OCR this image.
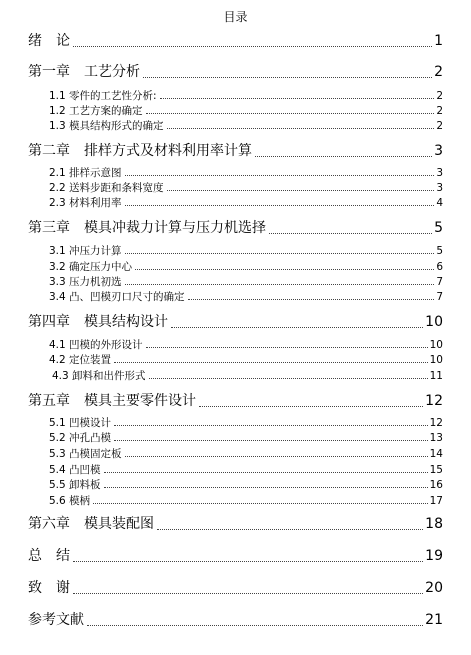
目录
绪　论	1
第一章　工艺分析	2
1.1 零件的工艺性分析:	2
1.2 工艺方案的确定	2
1.3 模具结构形式的确定	2
第二章　排样方式及材料利用率计算	3
2.1 排样示意图	3
2.2 送料步距和条料宽度	3
2.3 材料利用率	4
第三章　模具冲裁力计算与压力机选择	5
3.1 冲压力计算	5
3.2 确定压力中心	6
3.3 压力机初选	7
3.4 凸、凹模刃口尺寸的确定	7
第四章　模具结构设计	10
4.1 凹模的外形设计	10
4.2 定位装置	10
4.3 卸料和出件形式	11
第五章　模具主要零件设计	12
5.1 凹模设计	12
5.2 冲孔凸模	13
5.3 凸模固定板	14
5.4 凸凹模	15
5.5 卸料板	16
5.6 模柄	17
第六章　模具装配图	18
总　结	19
致　谢	20
参考文献	21
